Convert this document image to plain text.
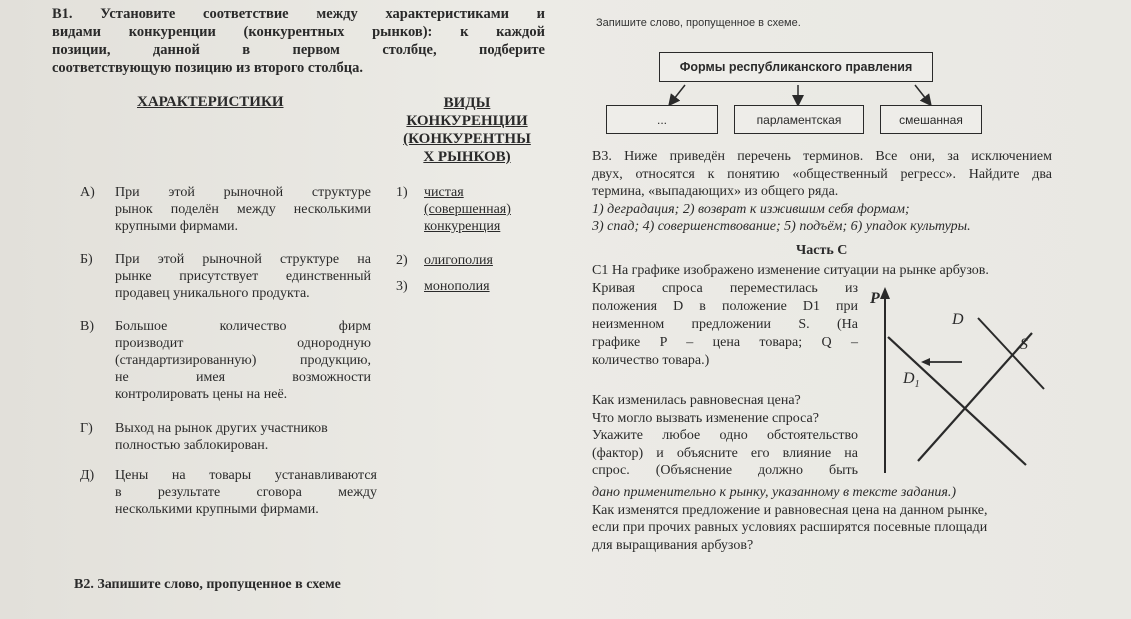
В1. Установите соответствие между характеристиками и
видами конкуренции (конкурентных рынков): к каждой
позиции, данной в первом столбце, подберите
соответствующую позицию из второго столбца.
ХАРАКТЕРИСТИКИ	ВИДЫ
КОНКУРЕНЦИИ
(КОНКУРЕНТНЫ
Х РЫНКОВ)
А) При этой рыночной структуре
рынок поделён между несколькими
крупными фирмами.
Б) При этой рыночной структуре на
рынке присутствует единственный
продавец уникального продукта.
В) Большое количество фирм
производит однородную
(стандартизированную) продукцию,
не имея возможности
контролировать цены на неё.
Г) Выход на рынок других участников
полностью заблокирован.
Д) Цены на товары устанавливаются
в результате сговора между
несколькими крупными фирмами.
1) чистая
(совершенная)
конкуренция
2) олигополия
3) монополия
В2. Запишите слово, пропущенное в схеме
Запишите слово, пропущенное в схеме.
Формы республиканского правления
...	парламентская	смешанная
В3. Ниже приведён перечень терминов. Все они, за исключением
двух, относятся к понятию «общественный регресс». Найдите два
термина, «выпадающих» из общего ряда.
1) деградация; 2) возврат к изжившим себя формам;
3) спад; 4) совершенствование; 5) подъём; 6) упадок культуры.
Часть С
С1 На графике изображено изменение ситуации на рынке арбузов.
Кривая спроса переместилась из
положения D в положение D1 при
неизменном предложении S. (На
графике P – цена товара; Q –
количество товара.)
Как изменилась равновесная цена?
Что могло вызвать изменение спроса?
Укажите любое одно обстоятельство
(фактор) и объясните его влияние на
спрос. (Объяснение должно быть
дано применительно к рынку, указанному в тексте задания.)
Как изменятся предложение и равновесная цена на данном рынке,
если при прочих равных условиях расширятся посевные площади
для выращивания арбузов?
P
D
S
$D_1$
